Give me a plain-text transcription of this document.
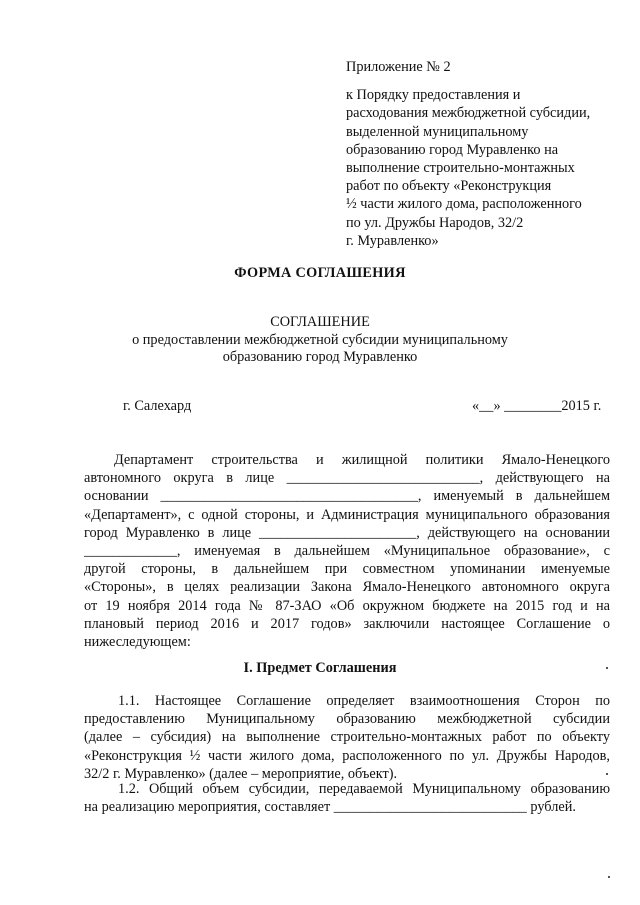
Приложение № 2
к Порядку предоставления и
расходования межбюджетной субсидии,
выделенной муниципальному
образованию город Муравленко на
выполнение строительно-монтажных
работ по объекту «Реконструкция
½ части жилого дома, расположенного
по ул. Дружбы Народов, 32/2
г. Муравленко»
ФОРМА СОГЛАШЕНИЯ
СОГЛАШЕНИЕ
о предоставлении межбюджетной субсидии муниципальному
образованию город Муравленко
г. Салехард	«__» ________2015 г.
Департамент строительства и жилищной политики Ямало-Ненецкого
автономного округа в лице ___________________________, действующего на
основании ____________________________________, именуемый в дальнейшем
«Департамент», с одной стороны, и Администрация муниципального образования
город Муравленко в лице ______________________, действующего на основании
_____________, именуемая в дальнейшем «Муниципальное образование», с
другой стороны, в дальнейшем при совместном упоминании именуемые
«Стороны», в целях реализации Закона Ямало-Ненецкого автономного округа
от 19 ноября 2014 года № 87-ЗАО «Об окружном бюджете на 2015 год и на
плановый период 2016 и 2017 годов» заключили настоящее Соглашение о
нижеследующем:
I. Предмет Соглашения
1.1. Настоящее Соглашение определяет взаимоотношения Сторон по
предоставлению Муниципальному образованию межбюджетной субсидии
(далее – субсидия) на выполнение строительно-монтажных работ по объекту
«Реконструкция ½ части жилого дома, расположенного по ул. Дружбы Народов,
32/2 г. Муравленко» (далее – мероприятие, объект).
1.2. Общий объем субсидии, передаваемой Муниципальному образованию
на реализацию мероприятия, составляет ___________________________ рублей.
